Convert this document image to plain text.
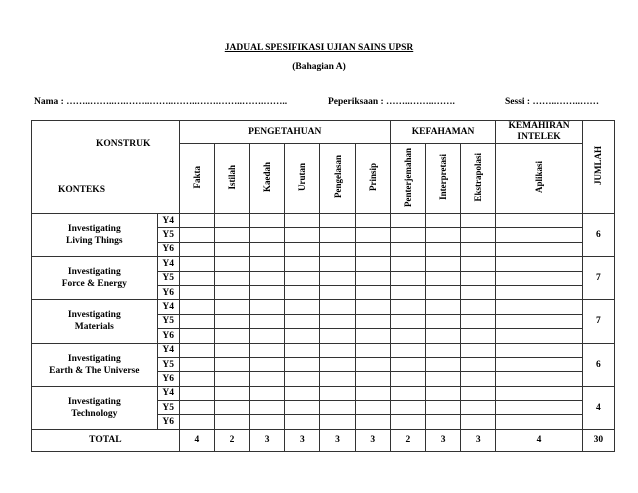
JADUAL SPESIFIKASI UJIAN SAINS UPSR
(Bahagian A)
Nama : ……..……..….……..……..……..…….……..…….……..	Peperiksaan : ……..……..…….	Sessi : ……..……..……
KONSTRUK
KONTEKS		PENGETAHUAN						KEFAHAMAN			KEMAHIRAN INTELEK	JUMLAH
		Fakta	Istilah	Kaedah	Urutan	Pengelasan	Prinsip	Penterjemahan	Interpretasi	Ekstrapolasi	Aplikasi	

Investigating
Living Things	Y4											6
	Y5											
	Y6											

Investigating
Force & Energy	Y4											7
	Y5											
	Y6											

Investigating
Materials	Y4											7
	Y5											
	Y6											

Investigating
Earth & The Universe	Y4											6
	Y5											
	Y6											

Investigating
Technology	Y4											4
	Y5											
	Y6											
TOTAL		4	2	3	3	3	3	2	3	3	4	30
